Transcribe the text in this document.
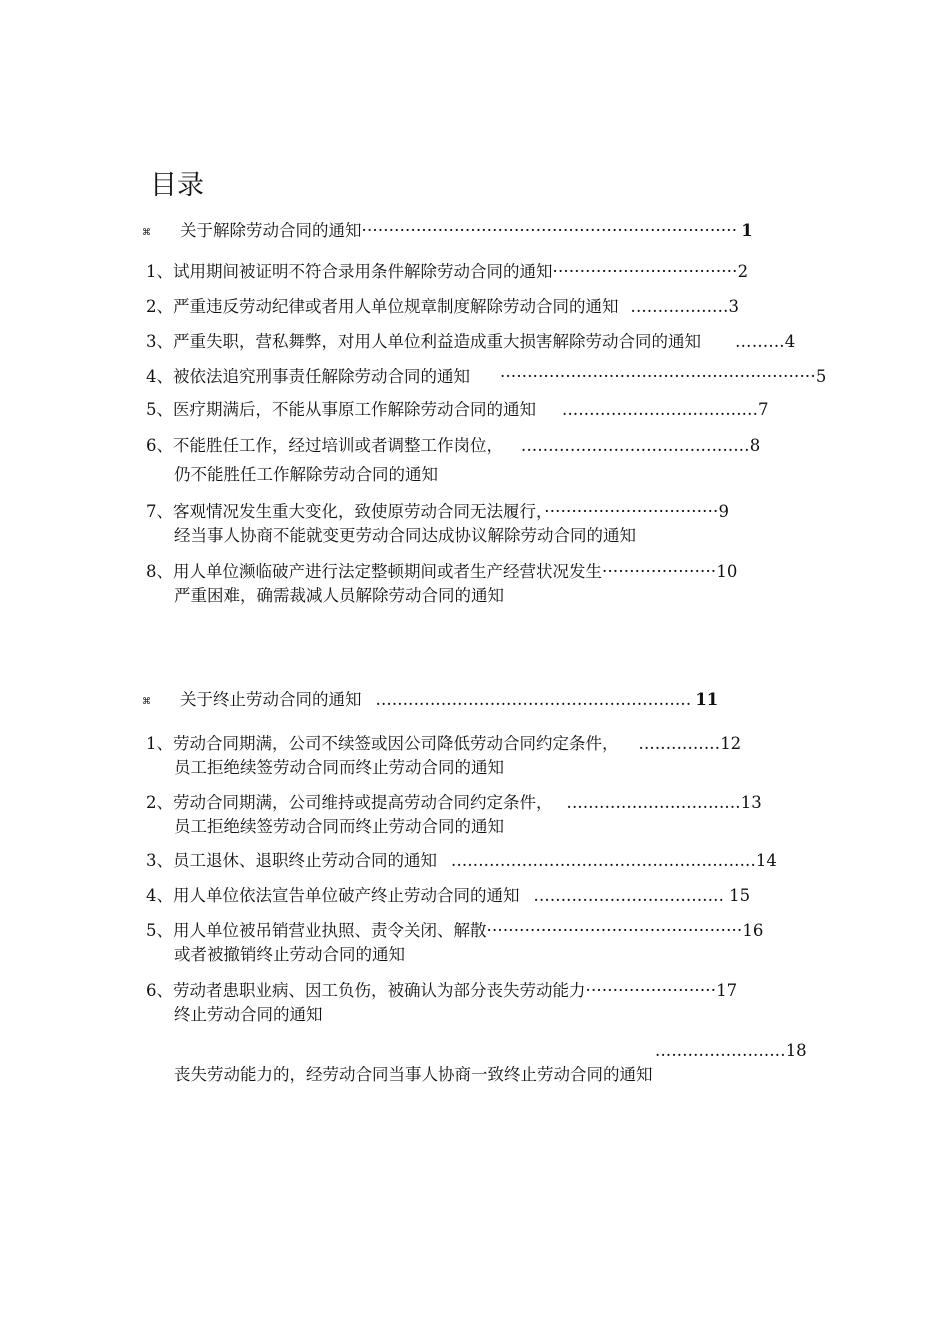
目录
⌘ 关于解除劳动合同的通知····································································· 1
1、试用期间被证明不符合录用条件解除劳动合同的通知··································2
2、严重违反劳动纪律或者用人单位规章制度解除劳动合同的通知 ..................3
3、严重失职，营私舞弊，对用人单位利益造成重大损害解除劳动合同的通知 ……...4
4、被依法追究刑事责任解除劳动合同的通知 ··························································5
5、医疗期满后，不能从事原工作解除劳动合同的通知 ....................................7
6、不能胜任工作，经过培训或者调整工作岗位， ..........................................8
仍不能胜任工作解除劳动合同的通知
7、客观情况发生重大变化，致使原劳动合同无法履行，································9
经当事人协商不能就变更劳动合同达成协议解除劳动合同的通知
8、用人单位濒临破产进行法定整顿期间或者生产经营状况发生·····················10
严重困难，确需裁减人员解除劳动合同的通知
⌘ 关于终止劳动合同的通知 .......................................................... 11
1、劳动合同期满，公司不续签或因公司降低劳动合同约定条件， ...............12
员工拒绝续签劳动合同而终止劳动合同的通知
2、劳动合同期满，公司维持或提高劳动合同约定条件， ................................13
员工拒绝续签劳动合同而终止劳动合同的通知
3、员工退休、退职终止劳动合同的通知 ........................................................14
4、用人单位依法宣告单位破产终止劳动合同的通知 ................................... 15
5、用人单位被吊销营业执照、责令关闭、解散···············································16
或者被撤销终止劳动合同的通知
6、劳动者患职业病、因工负伤，被确认为部分丧失劳动能力························17
终止劳动合同的通知
........................18
丧失劳动能力的，经劳动合同当事人协商一致终止劳动合同的通知
